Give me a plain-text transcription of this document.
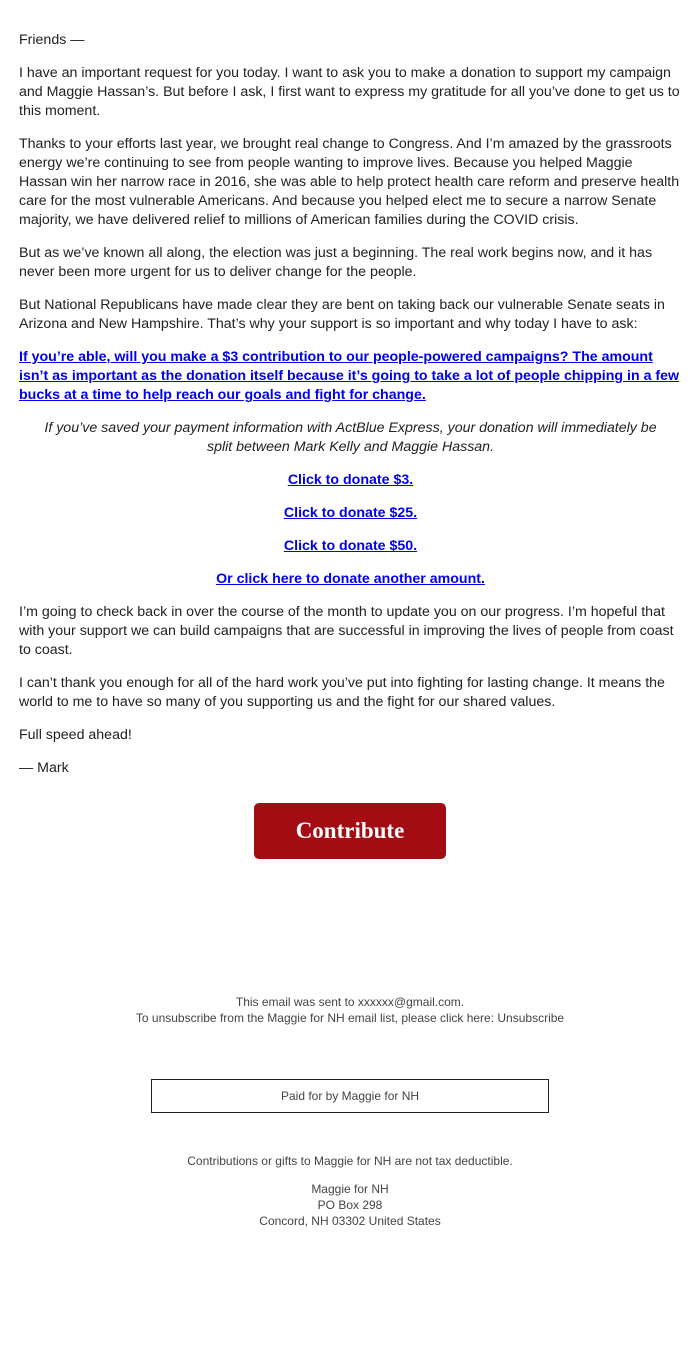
Friends —

I have an important request for you today. I want to ask you to make a donation to support my campaign and Maggie Hassan’s. But before I ask, I first want to express my gratitude for all you’ve done to get us to this moment.

Thanks to your efforts last year, we brought real change to Congress. And I’m amazed by the grassroots energy we’re continuing to see from people wanting to improve lives. Because you helped Maggie Hassan win her narrow race in 2016, she was able to help protect health care reform and preserve health care for the most vulnerable Americans. And because you helped elect me to secure a narrow Senate majority, we have delivered relief to millions of American families during the COVID crisis.

But as we’ve known all along, the election was just a beginning. The real work begins now, and it has never been more urgent for us to deliver change for the people.

But National Republicans have made clear they are bent on taking back our vulnerable Senate seats in Arizona and New Hampshire. That’s why your support is so important and why today I have to ask:

If you’re able, will you make a $3 contribution to our people-powered campaigns? The amount isn’t as important as the donation itself because it’s going to take a lot of people chipping in a few bucks at a time to help reach our goals and fight for change.

If you’ve saved your payment information with ActBlue Express, your donation will immediately be split between Mark Kelly and Maggie Hassan.

Click to donate $3.

Click to donate $25.

Click to donate $50.

Or click here to donate another amount.

I’m going to check back in over the course of the month to update you on our progress. I’m hopeful that with your support we can build campaigns that are successful in improving the lives of people from coast to coast.

I can’t thank you enough for all of the hard work you’ve put into fighting for lasting change. It means the world to me to have so many of you supporting us and the fight for our shared values.

Full speed ahead!

— Mark

Contribute
This email was sent to xxxxxx@gmail.com.
To unsubscribe from the Maggie for NH email list, please click here: Unsubscribe
Paid for by Maggie for NH
Contributions or gifts to Maggie for NH are not tax deductible.
Maggie for NH
PO Box 298
Concord, NH 03302 United States
